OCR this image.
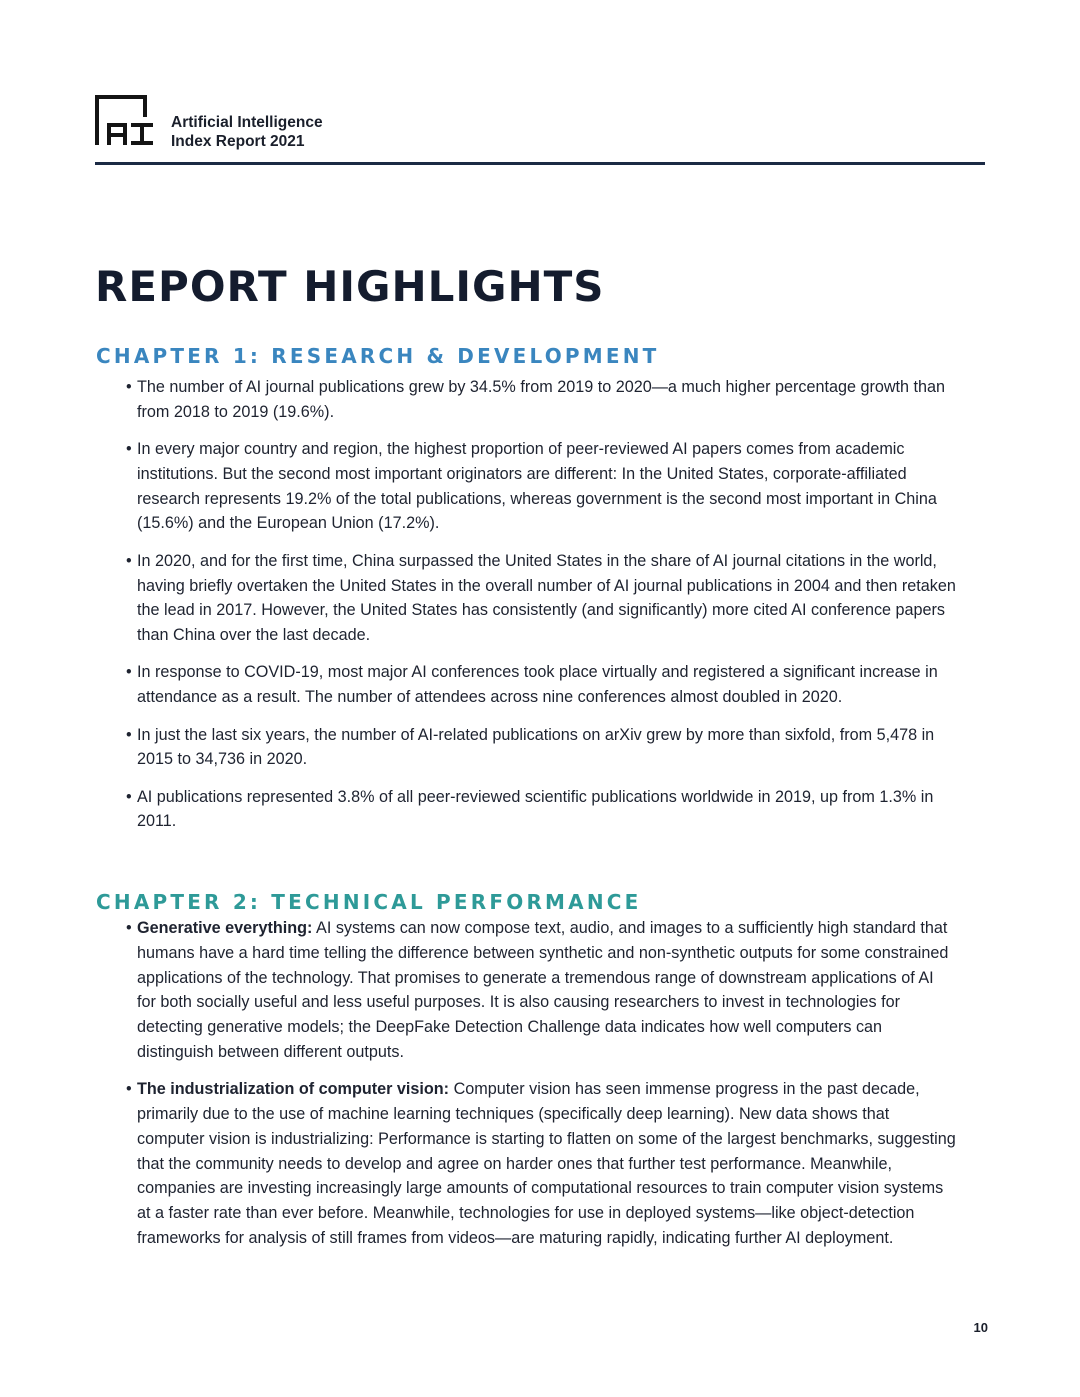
Artificial Intelligence
Index Report 2021
REPORT HIGHLIGHTS
CHAPTER 1: RESEARCH & DEVELOPMENT
• The number of AI journal publications grew by 34.5% from 2019 to 2020—a much higher percentage growth than from 2018 to 2019 (19.6%).
• In every major country and region, the highest proportion of peer-reviewed AI papers comes from academic institutions. But the second most important originators are different: In the United States, corporate-affiliated research represents 19.2% of the total publications, whereas government is the second most important in China (15.6%) and the European Union (17.2%).
• In 2020, and for the first time, China surpassed the United States in the share of AI journal citations in the world, having briefly overtaken the United States in the overall number of AI journal publications in 2004 and then retaken the lead in 2017. However, the United States has consistently (and significantly) more cited AI conference papers than China over the last decade.
• In response to COVID-19, most major AI conferences took place virtually and registered a significant increase in attendance as a result. The number of attendees across nine conferences almost doubled in 2020.
• In just the last six years, the number of AI-related publications on arXiv grew by more than sixfold, from 5,478 in 2015 to 34,736 in 2020.
• AI publications represented 3.8% of all peer-reviewed scientific publications worldwide in 2019, up from 1.3% in 2011.
CHAPTER 2: TECHNICAL PERFORMANCE
• Generative everything: AI systems can now compose text, audio, and images to a sufficiently high standard that humans have a hard time telling the difference between synthetic and non-synthetic outputs for some constrained applications of the technology. That promises to generate a tremendous range of downstream applications of AI for both socially useful and less useful purposes. It is also causing researchers to invest in technologies for detecting generative models; the DeepFake Detection Challenge data indicates how well computers can distinguish between different outputs.
• The industrialization of computer vision: Computer vision has seen immense progress in the past decade, primarily due to the use of machine learning techniques (specifically deep learning). New data shows that computer vision is industrializing: Performance is starting to flatten on some of the largest benchmarks, suggesting that the community needs to develop and agree on harder ones that further test performance. Meanwhile, companies are investing increasingly large amounts of computational resources to train computer vision systems at a faster rate than ever before. Meanwhile, technologies for use in deployed systems—like object-detection frameworks for analysis of still frames from videos—are maturing rapidly, indicating further AI deployment.
10
